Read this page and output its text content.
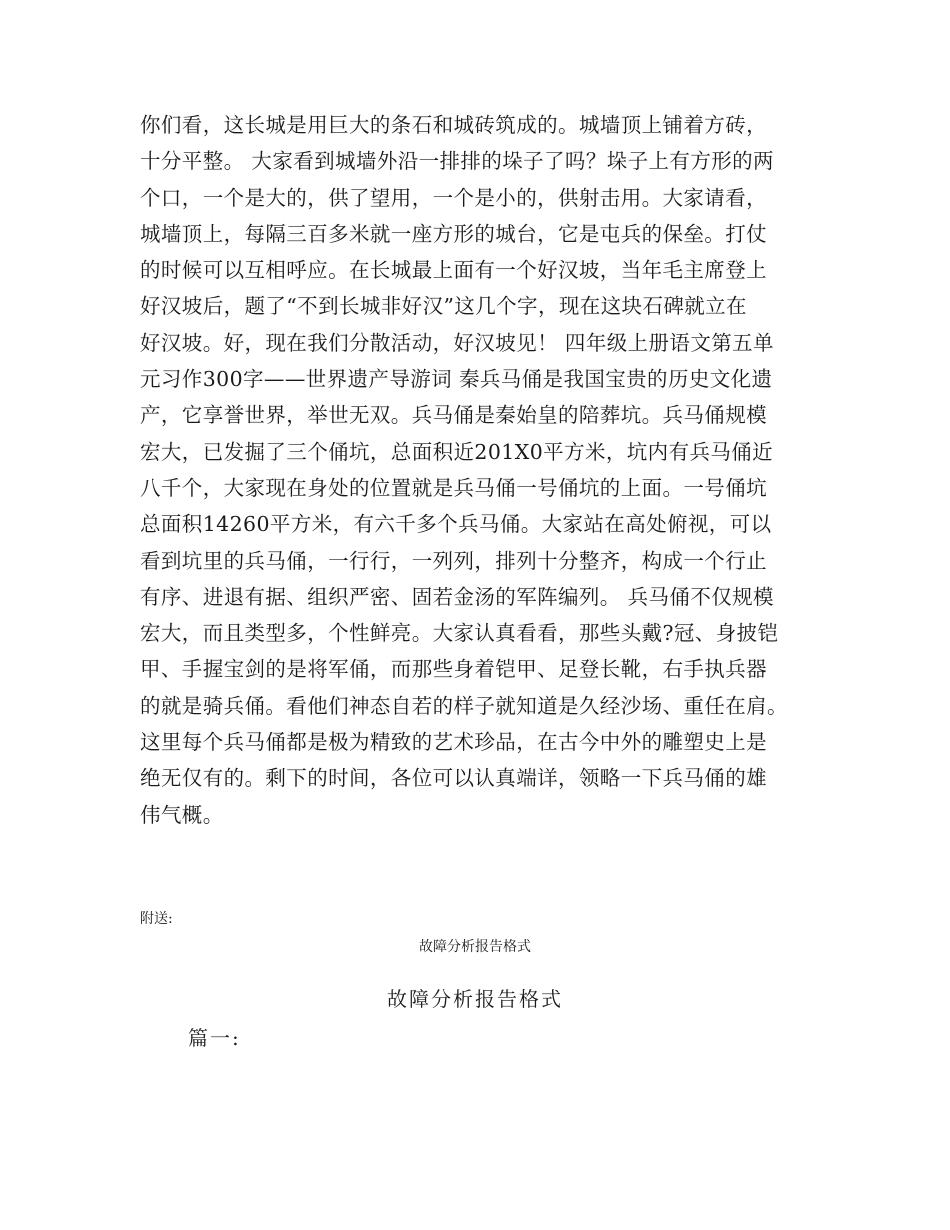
你们看，这长城是用巨大的条石和城砖筑成的。城墙顶上铺着方砖，
十分平整。 大家看到城墙外沿一排排的垛子了吗？垛子上有方形的两
个口，一个是大的，供了望用，一个是小的，供射击用。大家请看，
城墙顶上，每隔三百多米就一座方形的城台，它是屯兵的保垒。打仗
的时候可以互相呼应。在长城最上面有一个好汉坡，当年毛主席登上
好汉坡后，题了“不到长城非好汉”这几个字，现在这块石碑就立在
好汉坡。好，现在我们分散活动，好汉坡见！ 四年级上册语文第五单
元习作300字——世界遗产导游词 秦兵马俑是我国宝贵的历史文化遗
产，它享誉世界，举世无双。兵马俑是秦始皇的陪葬坑。兵马俑规模
宏大，已发掘了三个俑坑，总面积近201X0平方米，坑内有兵马俑近
八千个，大家现在身处的位置就是兵马俑一号俑坑的上面。一号俑坑
总面积14260平方米，有六千多个兵马俑。大家站在高处俯视，可以
看到坑里的兵马俑，一行行，一列列，排列十分整齐，构成一个行止
有序、进退有据、组织严密、固若金汤的军阵编列。 兵马俑不仅规模
宏大，而且类型多，个性鲜亮。大家认真看看，那些头戴?冠、身披铠
甲、手握宝剑的是将军俑，而那些身着铠甲、足登长靴，右手执兵器
的就是骑兵俑。看他们神态自若的样子就知道是久经沙场、重任在肩。
这里每个兵马俑都是极为精致的艺术珍品，在古今中外的雕塑史上是
绝无仅有的。剩下的时间，各位可以认真端详，领略一下兵马俑的雄
伟气概。
附送:
故障分析报告格式
故障分析报告格式
篇一:
